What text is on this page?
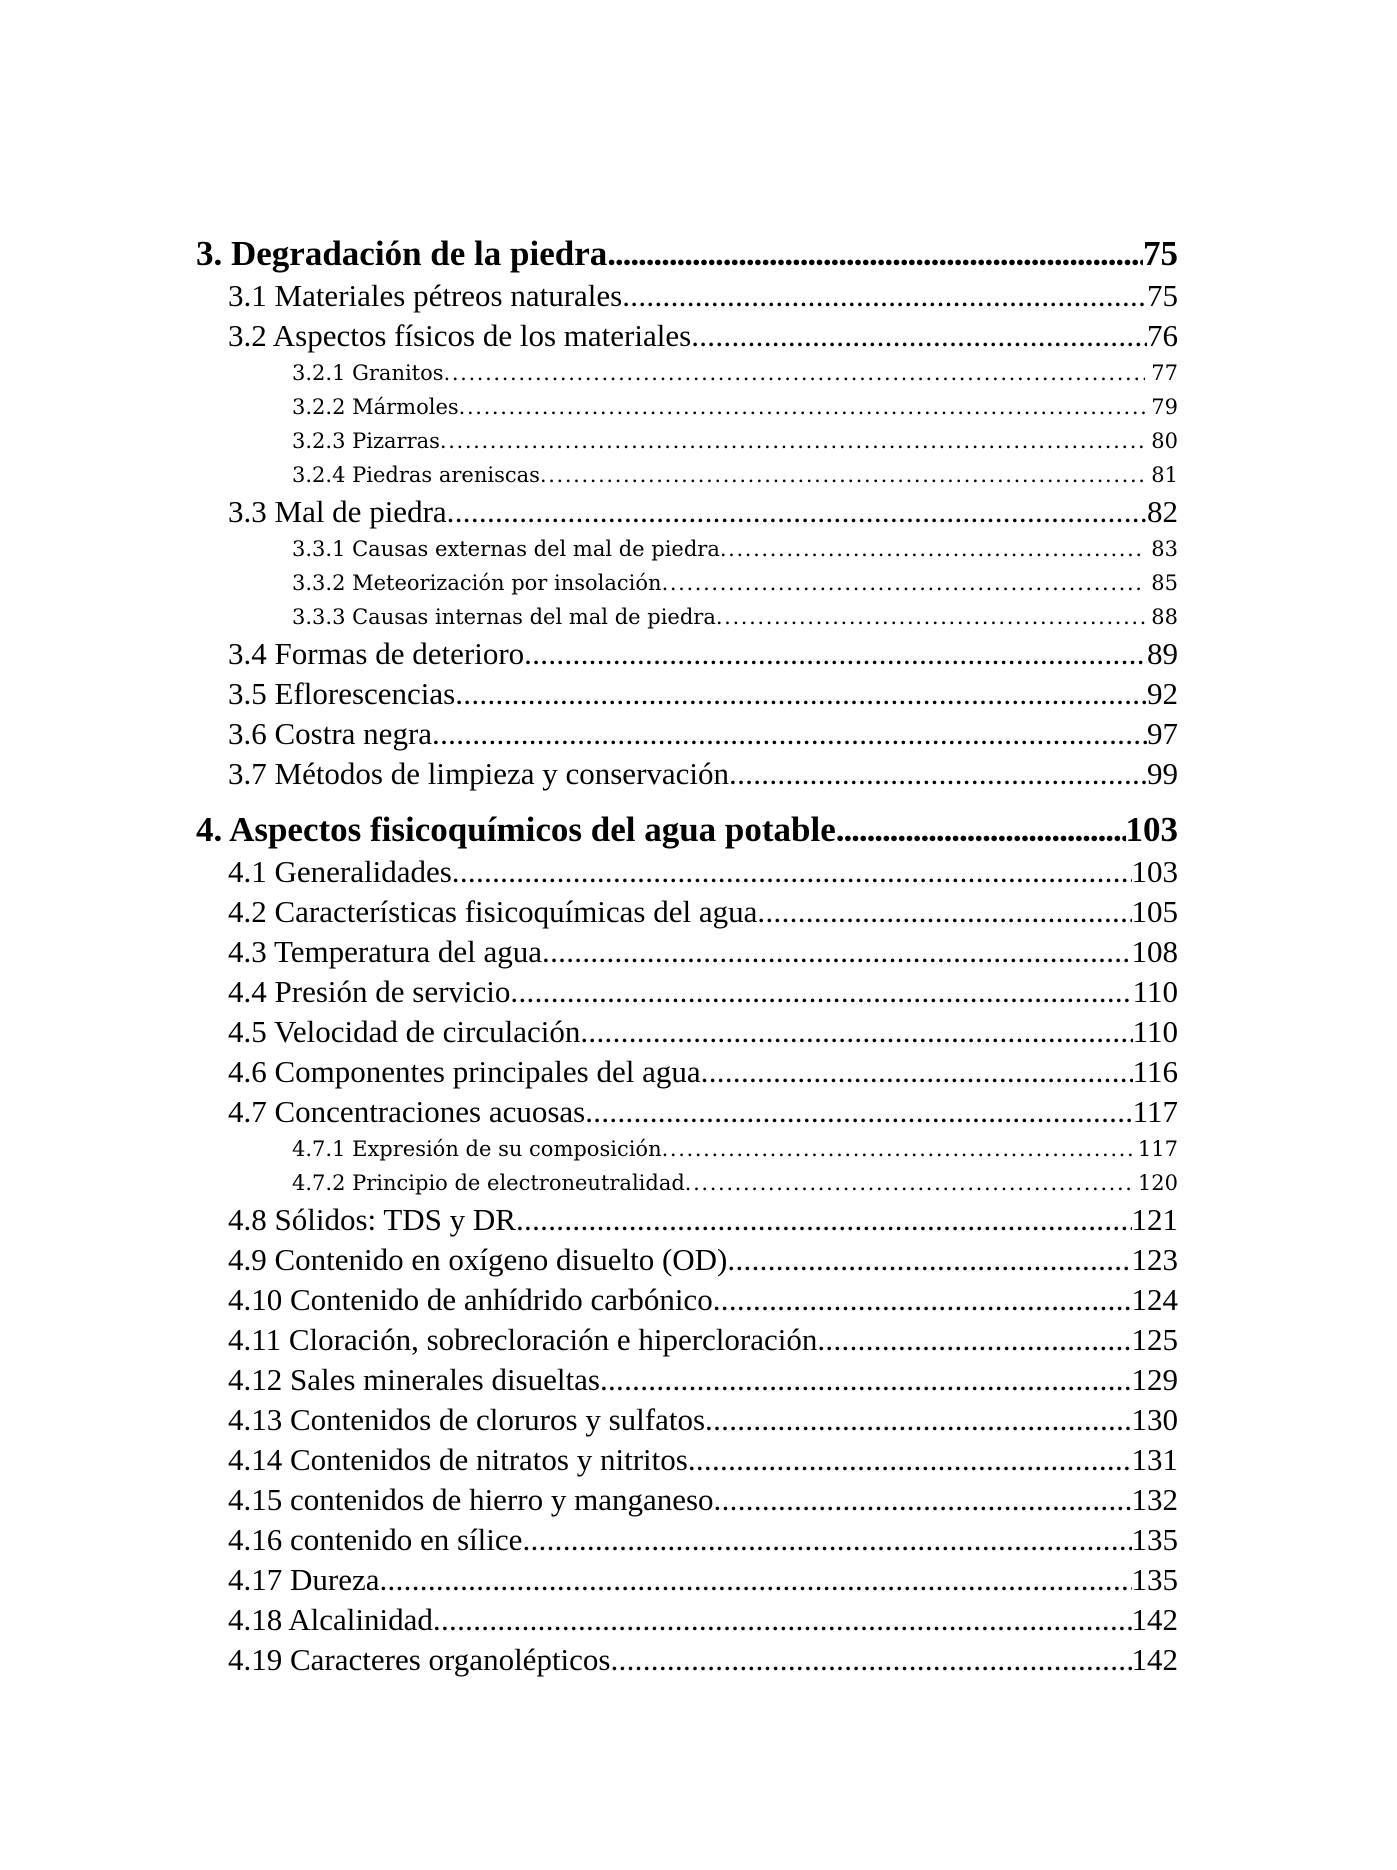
3. Degradación de la piedra . . .	75
3.1 Materiales pétreos naturales . . .	75
3.2 Aspectos físicos de los materiales . . .	76
3.2.1 Granitos . . .	77
3.2.2 Mármoles . . .	79
3.2.3 Pizarras . . .	80
3.2.4 Piedras areniscas . . .	81
3.3 Mal de piedra . . .	82
3.3.1 Causas externas del mal de piedra . . .	83
3.3.2 Meteorización por insolación . . .	85
3.3.3 Causas internas del mal de piedra . . .	88
3.4 Formas de deterioro . . .	89
3.5 Eflorescencias . . .	92
3.6 Costra negra . . .	97
3.7 Métodos de limpieza y conservación . . .	99
4. Aspectos fisicoquímicos del agua potable . . .	103
4.1 Generalidades . . .	103
4.2 Características fisicoquímicas del agua . . .	105
4.3 Temperatura del agua . . .	108
4.4 Presión de servicio . . .	110
4.5 Velocidad de circulación . . .	110
4.6 Componentes principales del agua . . .	116
4.7 Concentraciones acuosas . . .	117
4.7.1 Expresión de su composición . . .	117
4.7.2 Principio de electroneutralidad . . .	120
4.8 Sólidos: TDS y DR . . .	121
4.9 Contenido en oxígeno disuelto (OD) . . .	123
4.10 Contenido de anhídrido carbónico . . .	124
4.11 Cloración, sobrecloración e hipercloración . . .	125
4.12 Sales minerales disueltas . . .	129
4.13 Contenidos de cloruros y sulfatos . . .	130
4.14 Contenidos de nitratos y nitritos . . .	131
4.15 contenidos de hierro y manganeso . . .	132
4.16 contenido en sílice . . .	135
4.17 Dureza . . .	135
4.18 Alcalinidad . . .	142
4.19 Caracteres organolépticos . . .	142
